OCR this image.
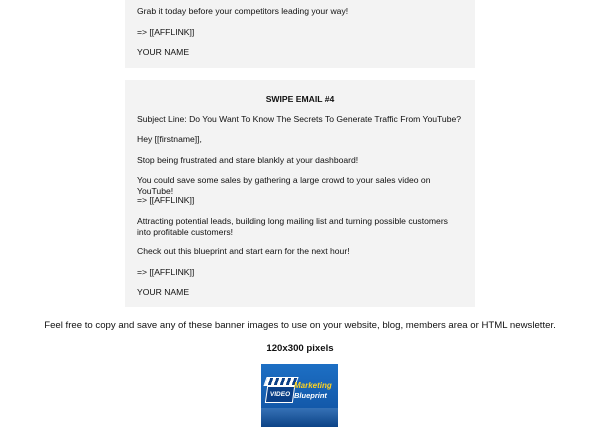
Grab it today before your competitors leading your way!

=> [[AFFLINK]]

YOUR NAME

SWIPE EMAIL #4

Subject Line: Do You Want To Know The Secrets To Generate Traffic From YouTube?

Hey [[firstname]],

Stop being frustrated and stare blankly at your dashboard!

You could save some sales by gathering a large crowd to your sales video on YouTube!

=> [[AFFLINK]]

Attracting potential leads, building long mailing list and turning possible customers into profitable customers!

Check out this blueprint and start earn for the next hour!

=> [[AFFLINK]]

YOUR NAME

Feel free to copy and save any of these banner images to use on your website, blog, members area or HTML newsletter.
120x300 pixels
VIDEO
Marketing
Blueprint
